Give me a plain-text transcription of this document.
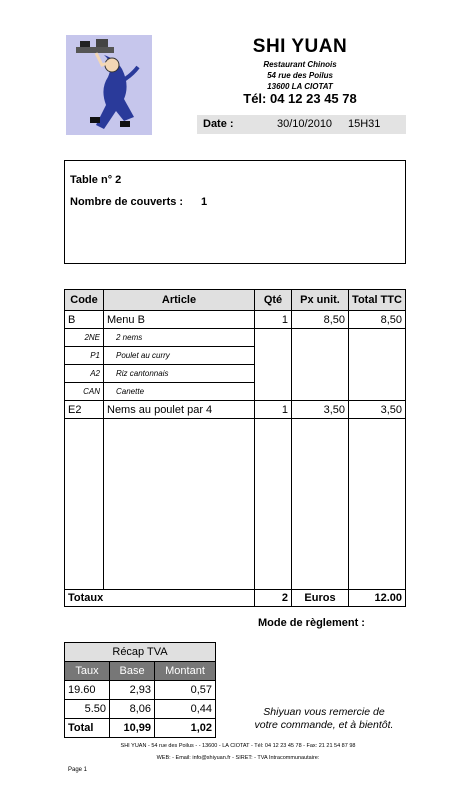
SHI YUAN
Restaurant Chinois
54 rue des Poilus
13600 LA CIOTAT
Tél: 04 12 23 45 78
Date :	30/10/2010 15H31
Table n° 2
Nombre de couverts : 1
Code	Article	Qté	Px unit.	Total TTC
B	Menu B	1	8,50	8,50
2NE	2 nems			
P1	Poulet au curry			
A2	Riz cantonnais			
CAN	Canette			
E2	Nems au poulet par 4	1	3,50	3,50

Totaux		2	Euros	12.00
Mode de règlement :
Récap TVA		
Taux	Base	Montant
19.60	2,93	0,57
5.50	8,06	0,44
Total	10,99	1,02
Shiyuan vous remercie de
votre commande, et à bientôt.
SHI YUAN - 54 rue des Poilus - - 13600 - LA CIOTAT - Tél: 04 12 23 45 78 - Fax: 21 21 54 87 98
WEB: - Email: info@shiyuan.fr - SIRET: - TVA Intracommunautaire:
Page 1
